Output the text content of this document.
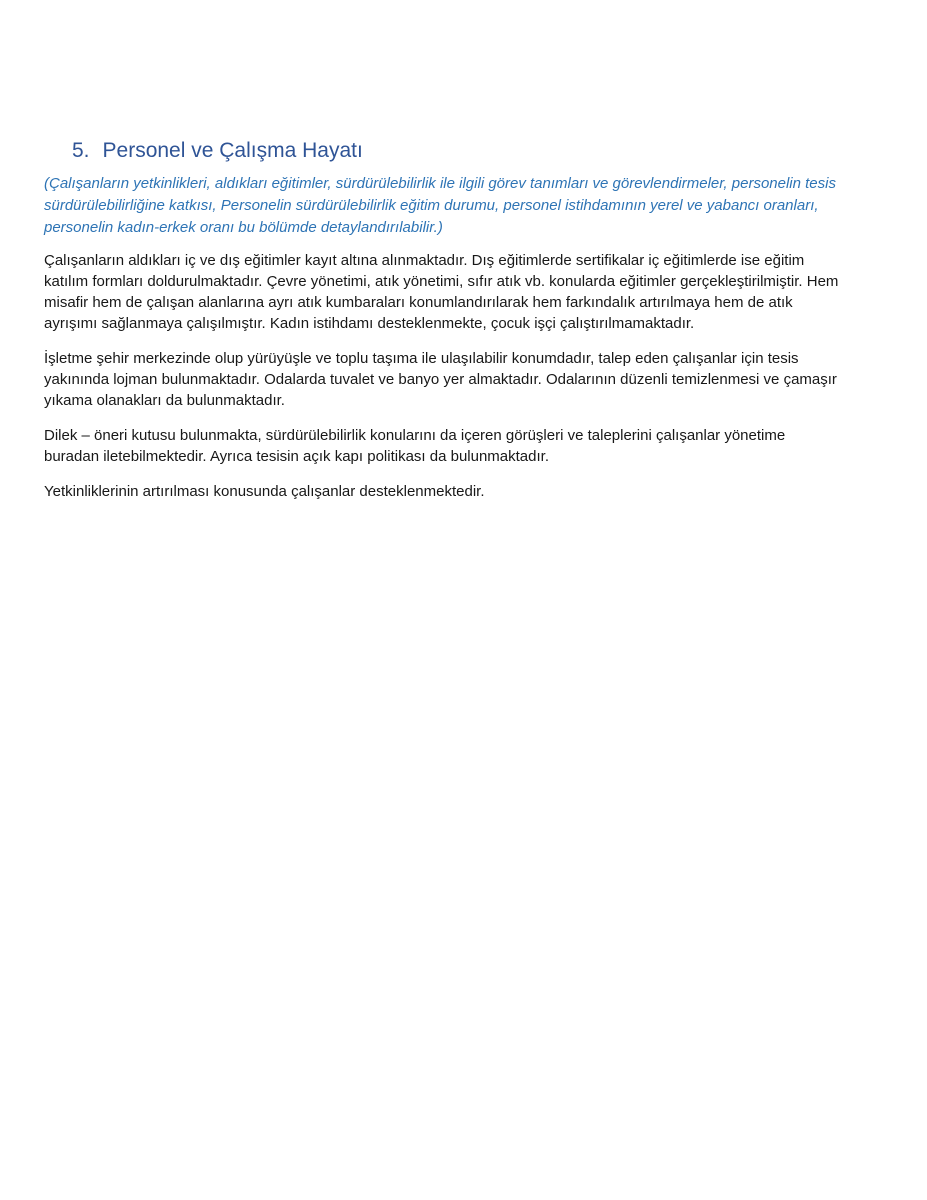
5. Personel ve Çalışma Hayatı

(Çalışanların yetkinlikleri, aldıkları eğitimler, sürdürülebilirlik ile ilgili görev tanımları ve görevlendirmeler, personelin tesis sürdürülebilirliğine katkısı, Personelin sürdürülebilirlik eğitim durumu, personel istihdamının yerel ve yabancı oranları, personelin kadın-erkek oranı bu bölümde detaylandırılabilir.)

Çalışanların aldıkları iç ve dış eğitimler kayıt altına alınmaktadır. Dış eğitimlerde sertifikalar iç eğitimlerde ise eğitim katılım formları doldurulmaktadır. Çevre yönetimi, atık yönetimi, sıfır atık vb. konularda eğitimler gerçekleştirilmiştir. Hem misafir hem de çalışan alanlarına ayrı atık kumbaraları konumlandırılarak hem farkındalık artırılmaya hem de atık ayrışımı sağlanmaya çalışılmıştır. Kadın istihdamı desteklenmekte, çocuk işçi çalıştırılmamaktadır.

İşletme şehir merkezinde olup yürüyüşle ve toplu taşıma ile ulaşılabilir konumdadır, talep eden çalışanlar için tesis yakınında lojman bulunmaktadır. Odalarda tuvalet ve banyo yer almaktadır. Odalarının düzenli temizlenmesi ve çamaşır yıkama olanakları da bulunmaktadır.

Dilek – öneri kutusu bulunmakta, sürdürülebilirlik konularını da içeren görüşleri ve taleplerini çalışanlar yönetime buradan iletebilmektedir. Ayrıca tesisin açık kapı politikası da bulunmaktadır.

Yetkinliklerinin artırılması konusunda çalışanlar desteklenmektedir.
